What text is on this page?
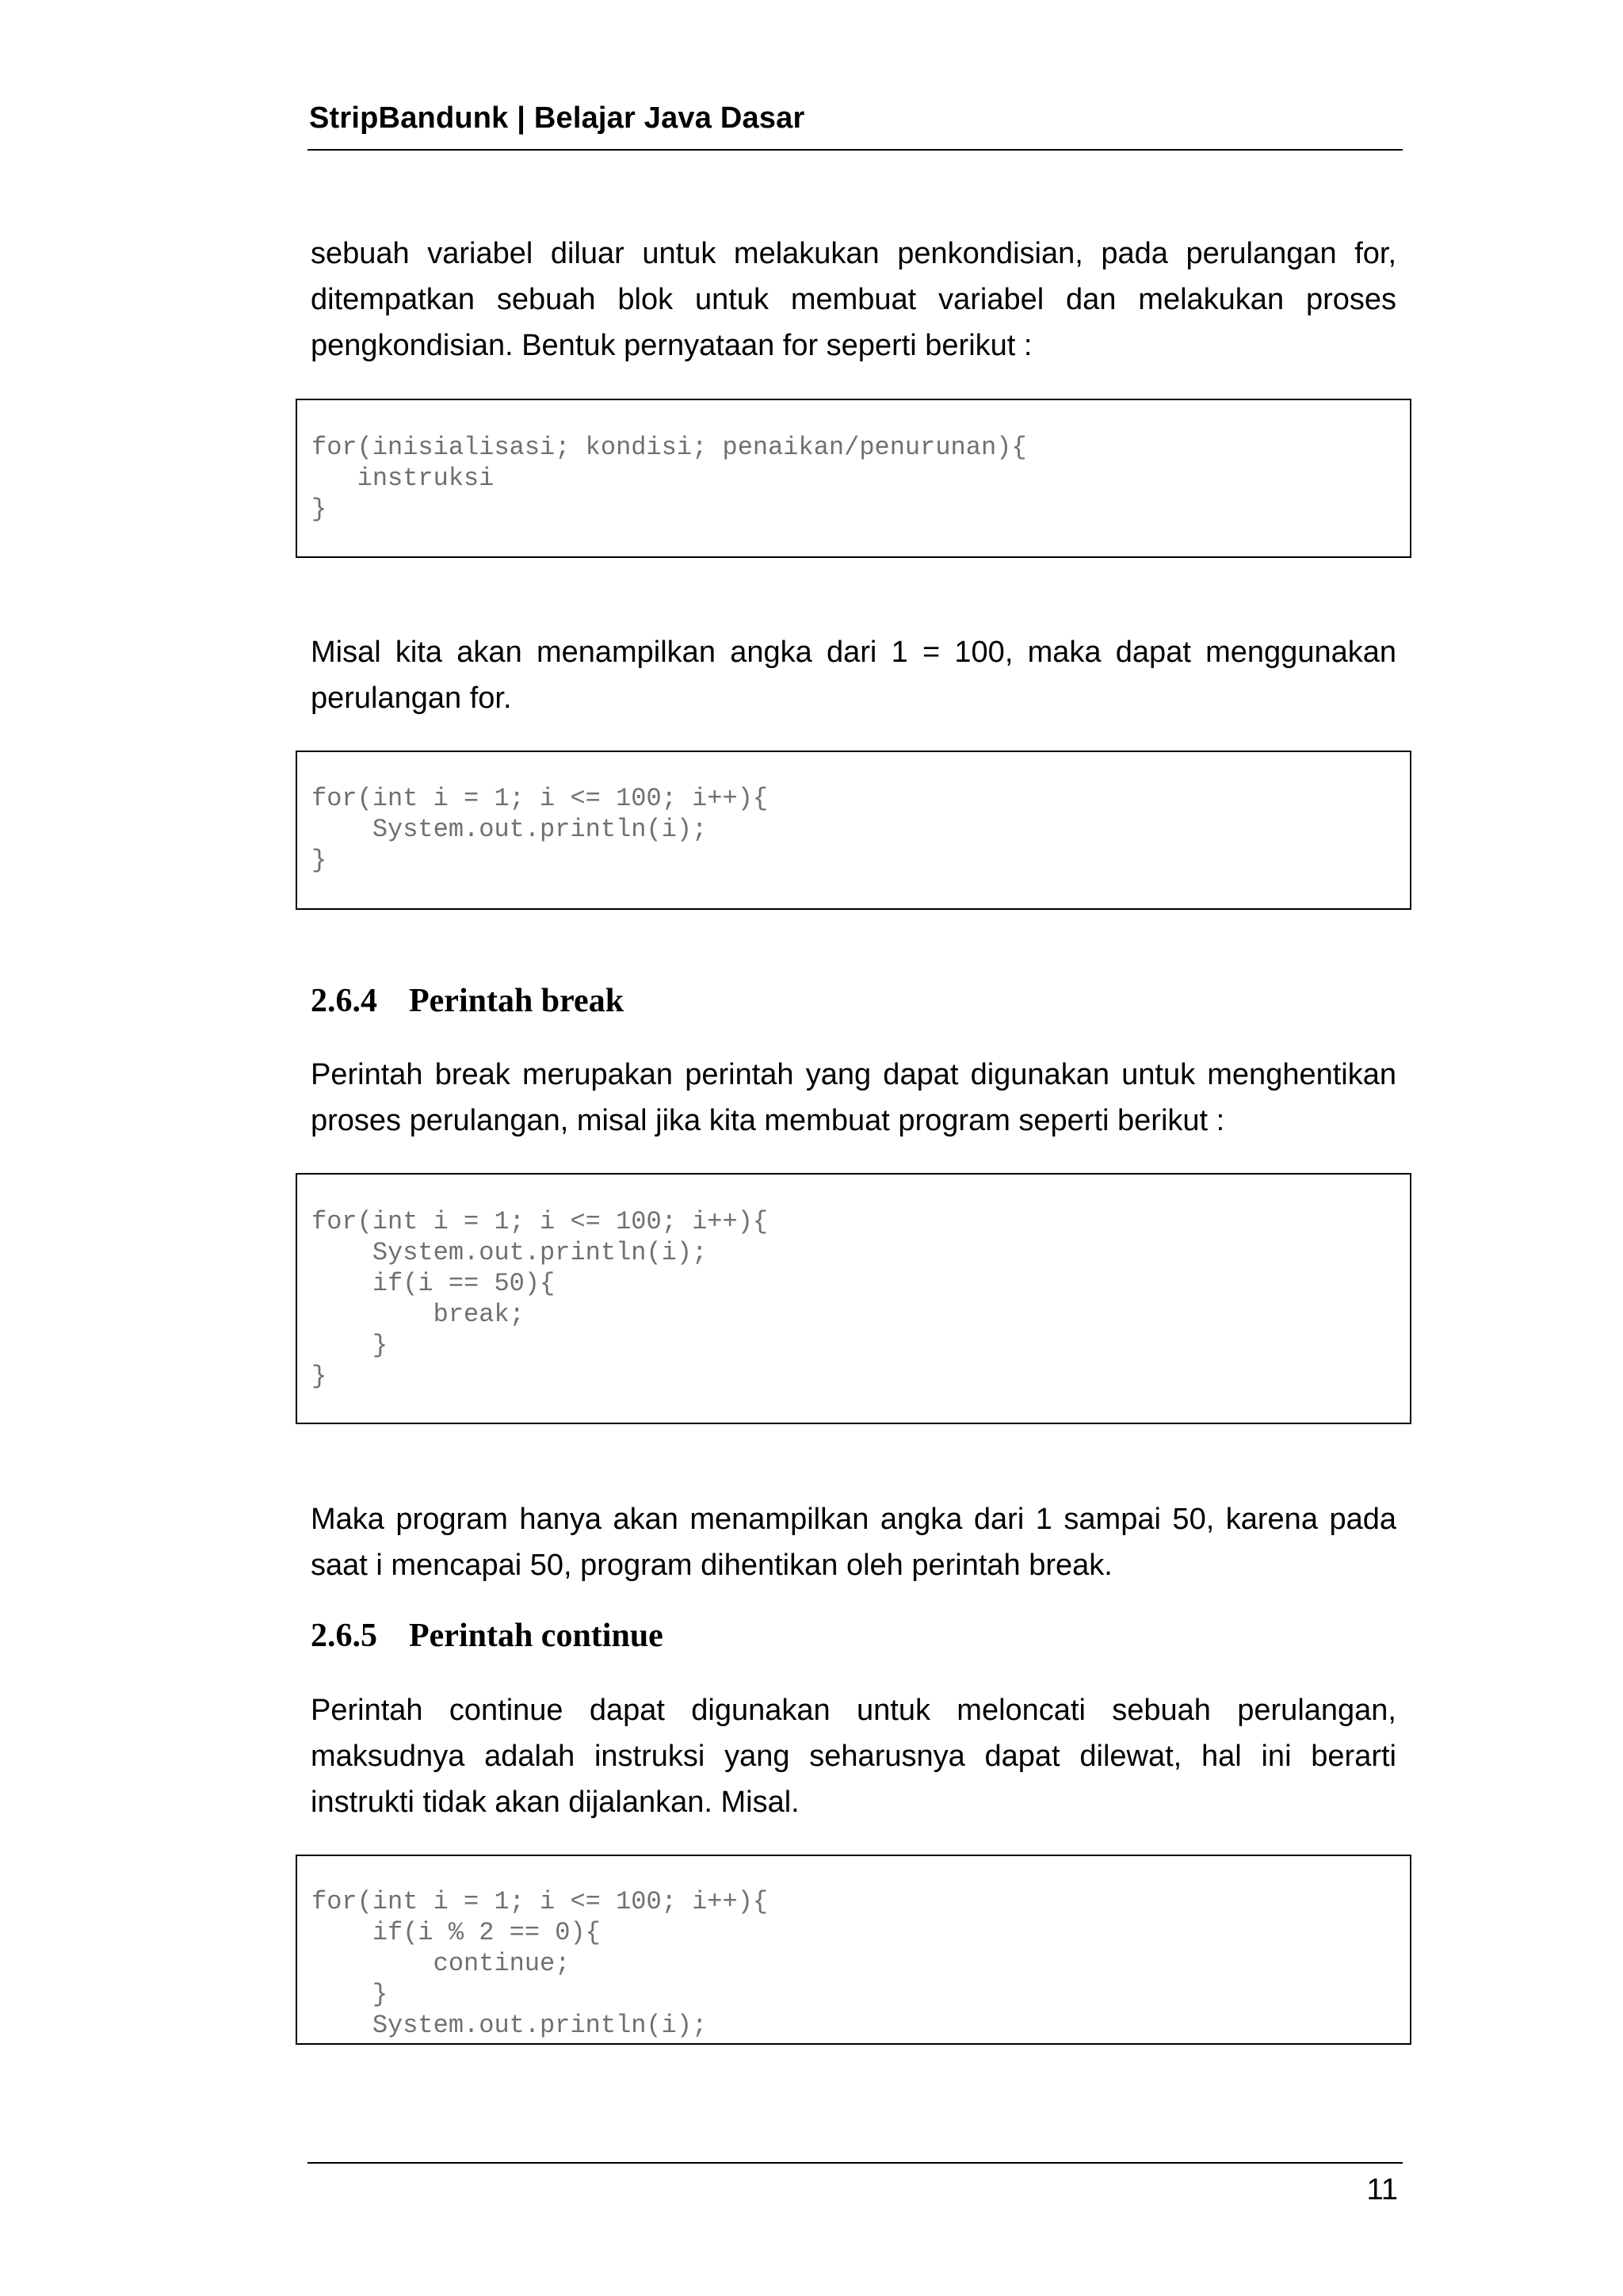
StripBandunk | Belajar Java Dasar
sebuah variabel diluar untuk melakukan penkondisian, pada perulangan for,
ditempatkan sebuah blok untuk membuat variabel dan melakukan proses
pengkondisian. Bentuk pernyataan for seperti berikut :
for(inisialisasi; kondisi; penaikan/penurunan){
instruksi
}
Misal kita akan menampilkan angka dari 1 = 100, maka dapat menggunakan
perulangan for.
for(int i = 1; i <= 100; i++){
System.out.println(i);
}
2.6.4 Perintah break
Perintah break merupakan perintah yang dapat digunakan untuk menghentikan
proses perulangan, misal jika kita membuat program seperti berikut :
for(int i = 1; i <= 100; i++){
System.out.println(i);
if(i == 50){
break;
}
}
Maka program hanya akan menampilkan angka dari 1 sampai 50, karena pada
saat i mencapai 50, program dihentikan oleh perintah break.
2.6.5 Perintah continue
Perintah continue dapat digunakan untuk meloncati sebuah perulangan,
maksudnya adalah instruksi yang seharusnya dapat dilewat, hal ini berarti
instrukti tidak akan dijalankan. Misal.
for(int i = 1; i <= 100; i++){
if(i % 2 == 0){
continue;
}
System.out.println(i);
11
